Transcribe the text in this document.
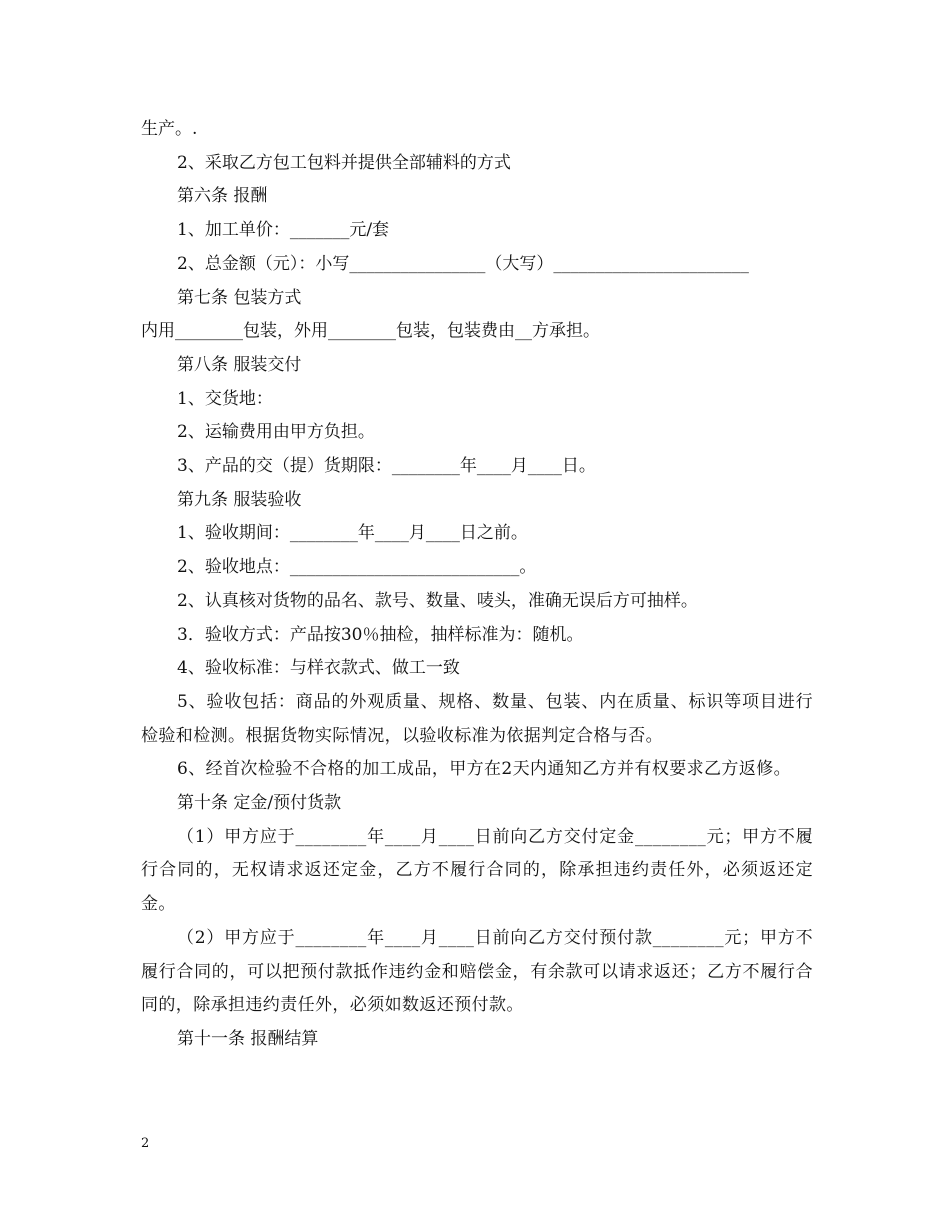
生产。.

2、采取乙方包工包料并提供全部辅料的方式

第六条 报酬

1、加工单价：_______元/套

2、总金额（元）：小写________________（大写）_______________________

第七条 包装方式

内用________包装，外用________包装，包装费由__方承担。

第八条 服装交付

1、交货地：

2、运输费用由甲方负担。

3、产品的交（提）货期限：________年____月____日。

第九条 服装验收

1、验收期间：________年____月____日之前。

2、验收地点：___________________________。

2、认真核对货物的品名、款号、数量、唛头，准确无误后方可抽样。

3．验收方式：产品按30％抽检，抽样标准为：随机。

4、验收标准：与样衣款式、做工一致

5、验收包括：商品的外观质量、规格、数量、包装、内在质量、标识等项目进行检验和检测。根据货物实际情况，以验收标准为依据判定合格与否。

6、经首次检验不合格的加工成品，甲方在2天内通知乙方并有权要求乙方返修。

第十条 定金/预付货款

（1）甲方应于________年____月____日前向乙方交付定金________元；甲方不履行合同的，无权请求返还定金，乙方不履行合同的，除承担违约责任外，必须返还定金。

（2）甲方应于________年____月____日前向乙方交付预付款________元；甲方不履行合同的，可以把预付款抵作违约金和赔偿金，有余款可以请求返还；乙方不履行合同的，除承担违约责任外，必须如数返还预付款。

第十一条 报酬结算

2
